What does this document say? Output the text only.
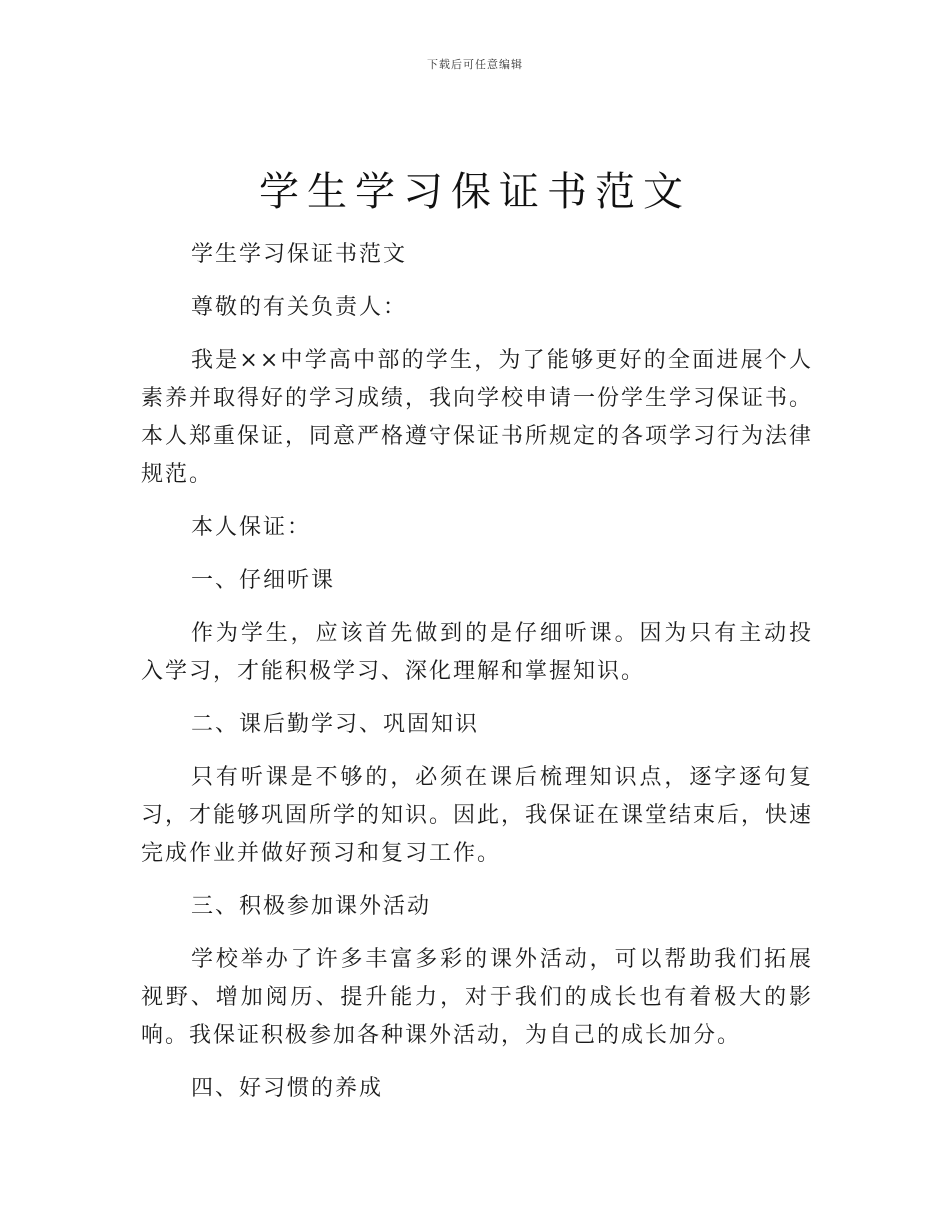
下载后可任意编辑
学生学习保证书范文

学生学习保证书范文

尊敬的有关负责人：

我是××中学高中部的学生，为了能够更好的全面进展个人素养并取得好的学习成绩，我向学校申请一份学生学习保证书。本人郑重保证，同意严格遵守保证书所规定的各项学习行为法律规范。

本人保证：

一、仔细听课

作为学生，应该首先做到的是仔细听课。因为只有主动投入学习，才能积极学习、深化理解和掌握知识。

二、课后勤学习、巩固知识

只有听课是不够的，必须在课后梳理知识点，逐字逐句复习，才能够巩固所学的知识。因此，我保证在课堂结束后，快速完成作业并做好预习和复习工作。

三、积极参加课外活动

学校举办了许多丰富多彩的课外活动，可以帮助我们拓展视野、增加阅历、提升能力，对于我们的成长也有着极大的影响。我保证积极参加各种课外活动，为自己的成长加分。

四、好习惯的养成
